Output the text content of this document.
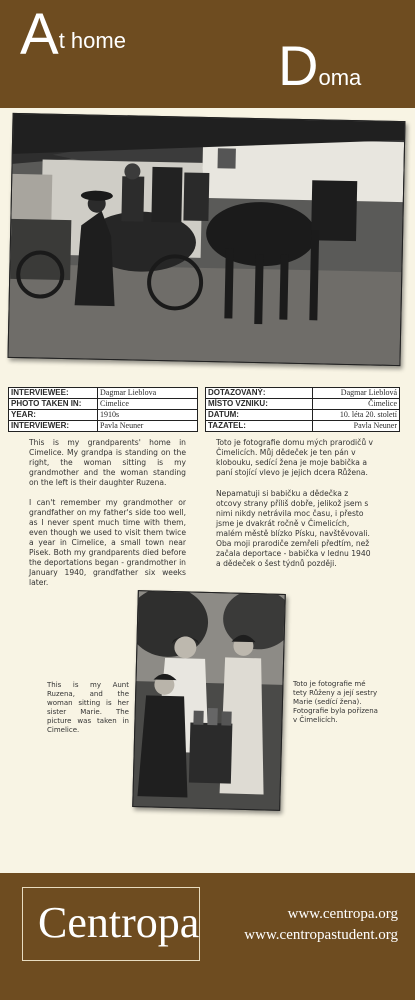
At home	Doma
INTERVIEWEE:	Dagmar Lieblova
PHOTO TAKEN IN:	Cimelice
YEAR:	1910s
INTERVIEWER:	Pavla Neuner
DOTAZOVANÝ:	Dagmar Lieblová
MÍSTO VZNIKU:	Čimelice
DATUM:	10. léta 20. století
TAZATEL:	Pavla Neuner
This is my grandparents' home in Cimelice. My grandpa is standing on the right, the woman sitting is my grandmother and the woman standing on the left is their daughter Ruzena.
I can't remember my grandmother or grandfather on my father's side too well, as I never spent much time with them, even though we used to visit them twice a year in Cimelice, a small town near Pisek. Both my grandparents died before the deportations began - grandmother in January 1940, grandfather six weeks later.
Toto je fotografie domu mých prarodičů v Čimelicích. Můj dědeček je ten pán v klobouku, sedící žena je moje babička a paní stojící vlevo je jejich dcera Růžena.
Nepamatuji si babičku a dědečka z otcovy strany příliš dobře, jelikož jsem s nimi nikdy netrávila moc času, i přesto jsme je dvakrát ročně v Čimelicích, malém městě blízko Písku, navštěvovali. Oba moji prarodiče zemřeli předtím, než začala deportace - babička v lednu 1940 a dědeček o šest týdnů později.
This is my Aunt Ruzena, and the woman sitting is her sister Marie. The picture was taken in Cimelice.
Toto je fotografie mé tety Růženy a její sestry Marie (sedící žena). Fotografie byla pořízena v Čimelicích.
Centropa	www.centropa.org
www.centropastudent.org
